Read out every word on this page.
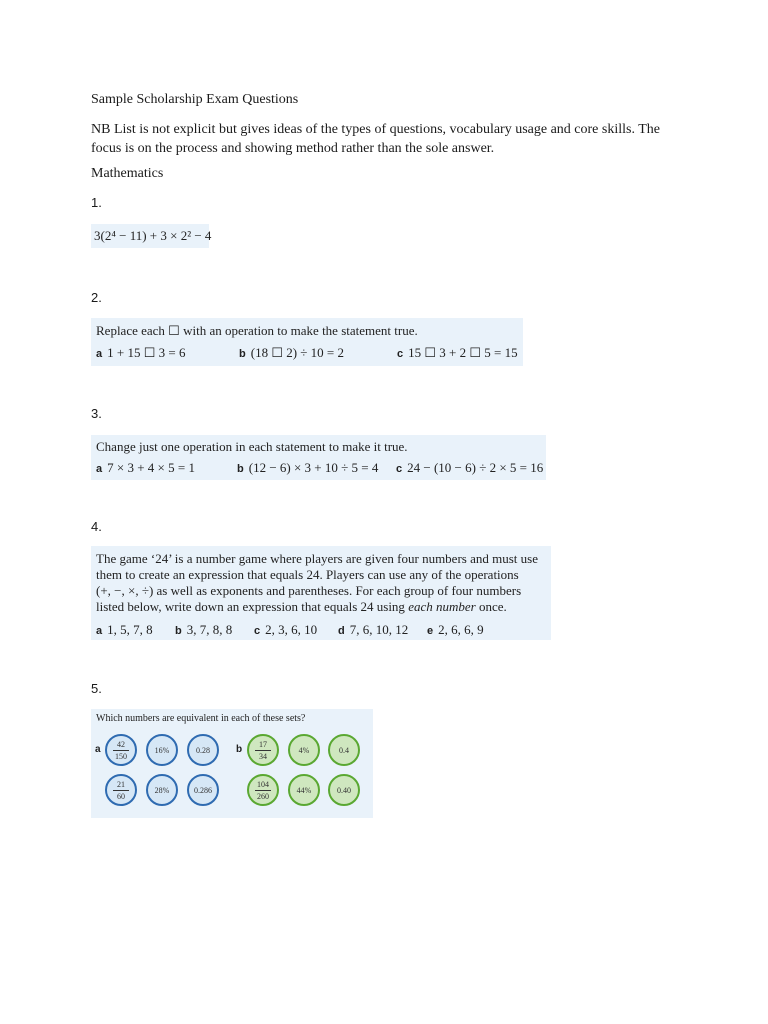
Sample Scholarship Exam Questions
NB List is not explicit but gives ideas of the types of questions, vocabulary usage and core skills. The focus is on the process and showing method rather than the sole answer.
Mathematics
1.
3(2⁴ − 11) + 3 × 2² − 4
2.
Replace each ☐ with an operation to make the statement true.
a 1 + 15 ☐ 3 = 6	b (18 ☐ 2) ÷ 10 = 2	c 15 ☐ 3 + 2 ☐ 5 = 15
3.
Change just one operation in each statement to make it true.
a 7 × 3 + 4 × 5 = 1	b (12 − 6) × 3 + 10 ÷ 5 = 4 c 24 − (10 − 6) ÷ 2 × 5 = 16
4.
The game ‘24’ is a number game where players are given four numbers and must use
them to create an expression that equals 24. Players can use any of the operations
(+, −, ×, ÷) as well as exponents and parentheses. For each group of four numbers
listed below, write down an expression that equals 24 using each number once.
a 1, 5, 7, 8 b 3, 7, 8, 8 c 2, 3, 6, 10 d 7, 6, 10, 12 e 2, 6, 6, 9
5.
Which numbers are equivalent in each of these sets?
a $\frac{42}{150}$	16%	0.28
$\frac{21}{60}$	28%	0.286
b $\frac{17}{34}$	4%	0.4
$\frac{104}{260}$	44%	0.40
